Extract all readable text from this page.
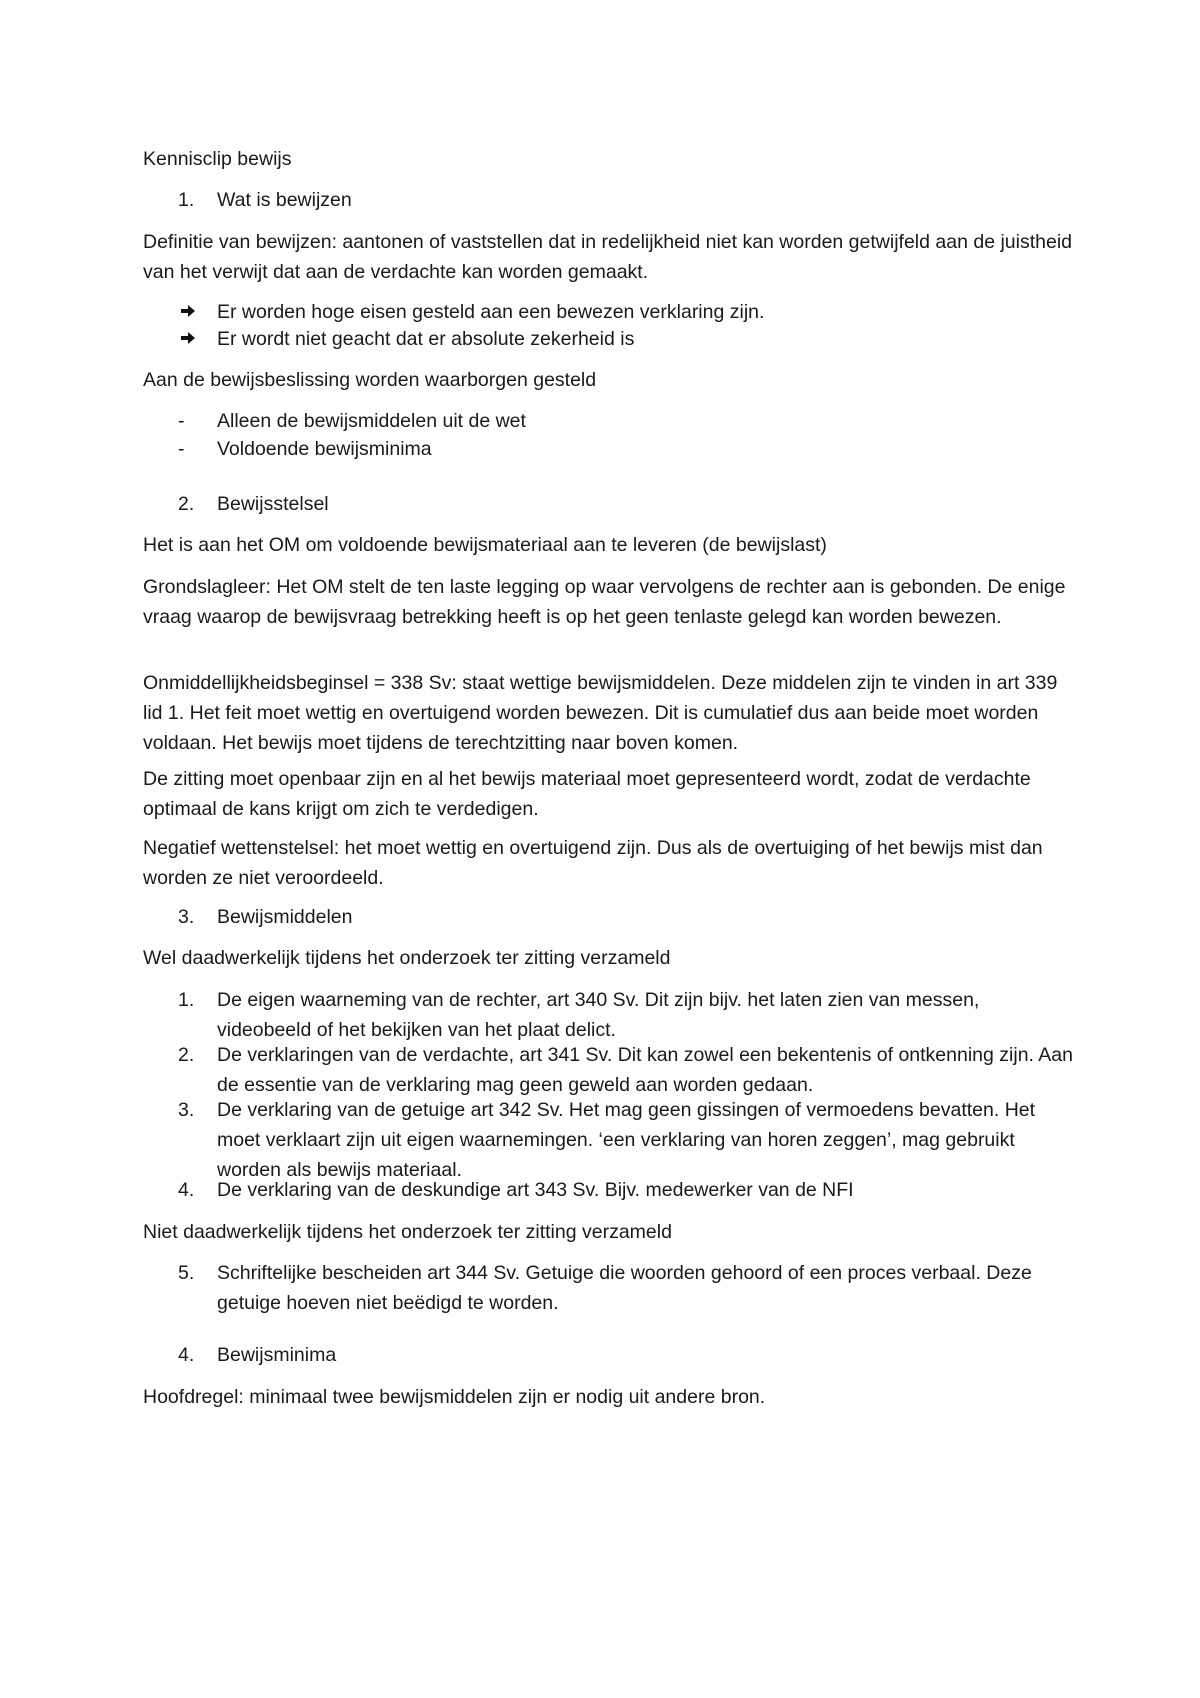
Kennisclip bewijs

1. Wat is bewijzen

Definitie van bewijzen: aantonen of vaststellen dat in redelijkheid niet kan worden getwijfeld aan de juistheid van het verwijt dat aan de verdachte kan worden gemaakt.

Er worden hoge eisen gesteld aan een bewezen verklaring zijn.
Er wordt niet geacht dat er absolute zekerheid is

Aan de bewijsbeslissing worden waarborgen gesteld

- Alleen de bewijsmiddelen uit de wet
- Voldoende bewijsminima
2. Bewijsstelsel

Het is aan het OM om voldoende bewijsmateriaal aan te leveren (de bewijslast)

Grondslagleer: Het OM stelt de ten laste legging op waar vervolgens de rechter aan is gebonden. De enige vraag waarop de bewijsvraag betrekking heeft is op het geen tenlaste gelegd kan worden bewezen.

Onmiddellijkheidsbeginsel = 338 Sv: staat wettige bewijsmiddelen. Deze middelen zijn te vinden in art 339 lid 1. Het feit moet wettig en overtuigend worden bewezen. Dit is cumulatief dus aan beide moet worden voldaan. Het bewijs moet tijdens de terechtzitting naar boven komen.

De zitting moet openbaar zijn en al het bewijs materiaal moet gepresenteerd wordt, zodat de verdachte optimaal de kans krijgt om zich te verdedigen.

Negatief wettenstelsel: het moet wettig en overtuigend zijn. Dus als de overtuiging of het bewijs mist dan worden ze niet veroordeeld.

3. Bewijsmiddelen

Wel daadwerkelijk tijdens het onderzoek ter zitting verzameld

1. De eigen waarneming van de rechter, art 340 Sv. Dit zijn bijv. het laten zien van messen, videobeeld of het bekijken van het plaat delict.
2. De verklaringen van de verdachte, art 341 Sv. Dit kan zowel een bekentenis of ontkenning zijn. Aan de essentie van de verklaring mag geen geweld aan worden gedaan.
3. De verklaring van de getuige art 342 Sv. Het mag geen gissingen of vermoedens bevatten. Het moet verklaart zijn uit eigen waarnemingen. ‘een verklaring van horen zeggen’, mag gebruikt worden als bewijs materiaal.
4. De verklaring van de deskundige art 343 Sv. Bijv. medewerker van de NFI

Niet daadwerkelijk tijdens het onderzoek ter zitting verzameld

5. Schriftelijke bescheiden art 344 Sv. Getuige die woorden gehoord of een proces verbaal. Deze getuige hoeven niet beëdigd te worden.
4. Bewijsminima

Hoofdregel: minimaal twee bewijsmiddelen zijn er nodig uit andere bron.
